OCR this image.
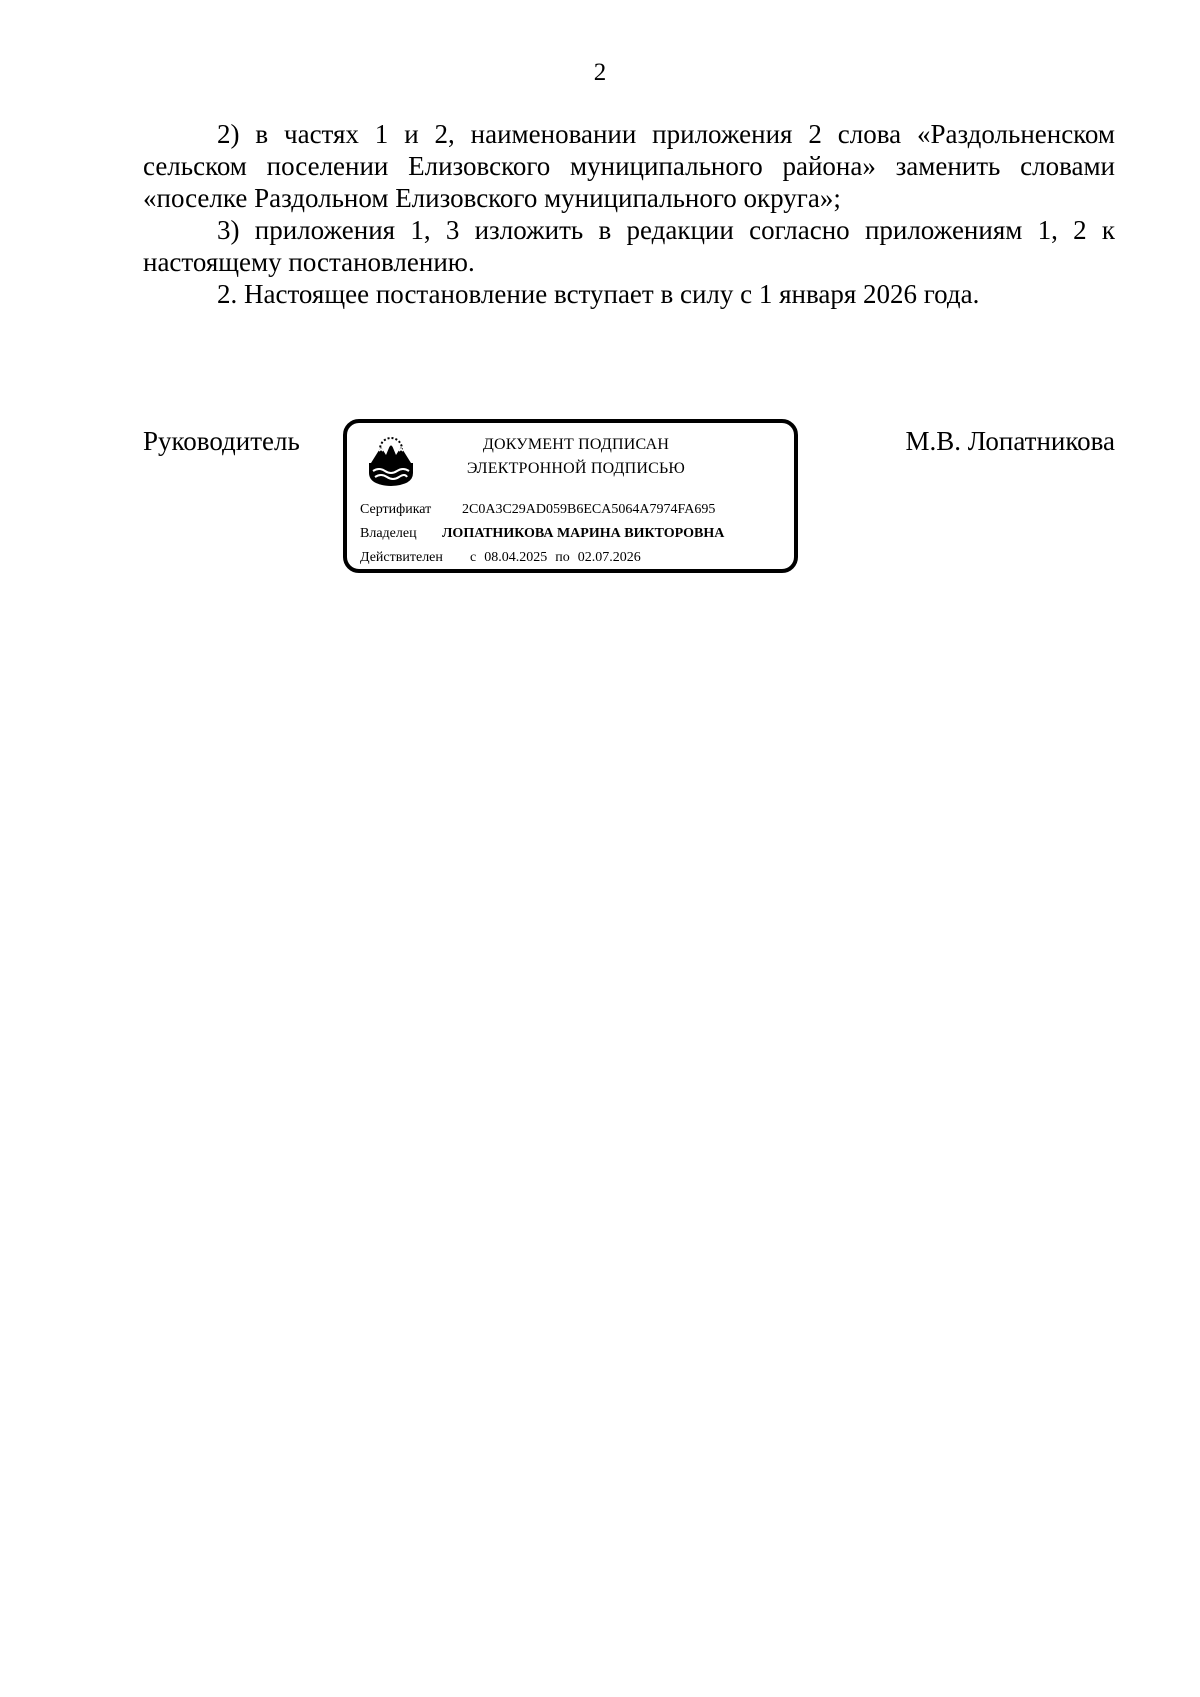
2

2) в частях 1 и 2, наименовании приложения 2 слова «Раздольненском сельском поселении Елизовского муниципального района» заменить словами «поселке Раздольном Елизовского муниципального округа»;

3) приложения 1, 3 изложить в редакции согласно приложениям 1, 2 к настоящему постановлению.

2. Настоящее постановление вступает в силу с 1 января 2026 года.

Руководитель	ДОКУМЕНТ ПОДПИСАН
ЭЛЕКТРОННОЙ ПОДПИСЬЮ
Сертификат 2C0A3C29AD059B6ECA5064A7974FA695
Владелец ЛОПАТНИКОВА МАРИНА ВИКТОРОВНА
Действителен с 08.04.2025 по 02.07.2026
М.В. Лопатникова
